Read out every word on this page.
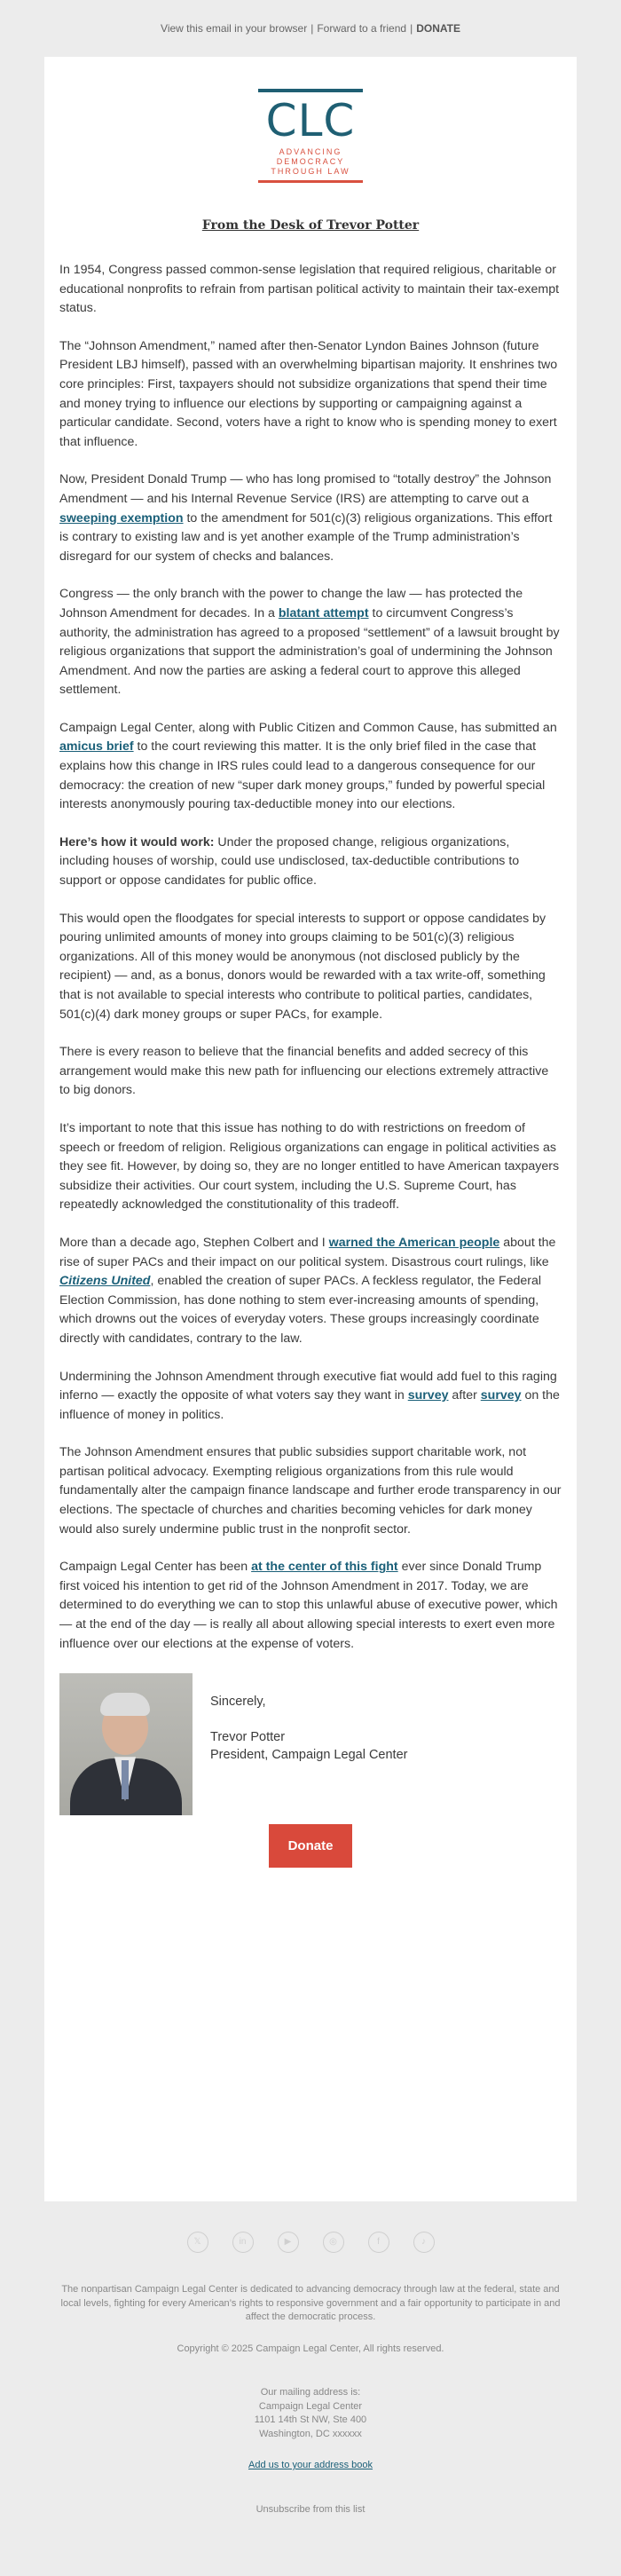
View this email in your browser | Forward to a friend | DONATE
CLC
ADVANCING
DEMOCRACY
THROUGH LAW
From the Desk of Trevor Potter

In 1954, Congress passed common-sense legislation that required religious, charitable or educational nonprofits to refrain from partisan political activity to maintain their tax-exempt status.

The “Johnson Amendment,” named after then-Senator Lyndon Baines Johnson (future President LBJ himself), passed with an overwhelming bipartisan majority. It enshrines two core principles: First, taxpayers should not subsidize organizations that spend their time and money trying to influence our elections by supporting or campaigning against a particular candidate. Second, voters have a right to know who is spending money to exert that influence.

Now, President Donald Trump — who has long promised to “totally destroy” the Johnson Amendment — and his Internal Revenue Service (IRS) are attempting to carve out a sweeping exemption to the amendment for 501(c)(3) religious organizations. This effort is contrary to existing law and is yet another example of the Trump administration’s disregard for our system of checks and balances.

Congress — the only branch with the power to change the law — has protected the Johnson Amendment for decades. In a blatant attempt to circumvent Congress’s authority, the administration has agreed to a proposed “settlement” of a lawsuit brought by religious organizations that support the administration’s goal of undermining the Johnson Amendment. And now the parties are asking a federal court to approve this alleged settlement.

Campaign Legal Center, along with Public Citizen and Common Cause, has submitted an amicus brief to the court reviewing this matter. It is the only brief filed in the case that explains how this change in IRS rules could lead to a dangerous consequence for our democracy: the creation of new “super dark money groups,” funded by powerful special interests anonymously pouring tax-deductible money into our elections.

Here’s how it would work: Under the proposed change, religious organizations, including houses of worship, could use undisclosed, tax-deductible contributions to support or oppose candidates for public office.

This would open the floodgates for special interests to support or oppose candidates by pouring unlimited amounts of money into groups claiming to be 501(c)(3) religious organizations. All of this money would be anonymous (not disclosed publicly by the recipient) — and, as a bonus, donors would be rewarded with a tax write-off, something that is not available to special interests who contribute to political parties, candidates, 501(c)(4) dark money groups or super PACs, for example.

There is every reason to believe that the financial benefits and added secrecy of this arrangement would make this new path for influencing our elections extremely attractive to big donors.

It’s important to note that this issue has nothing to do with restrictions on freedom of speech or freedom of religion. Religious organizations can engage in political activities as they see fit. However, by doing so, they are no longer entitled to have American taxpayers subsidize their activities. Our court system, including the U.S. Supreme Court, has repeatedly acknowledged the constitutionality of this tradeoff.

More than a decade ago, Stephen Colbert and I warned the American people about the rise of super PACs and their impact on our political system. Disastrous court rulings, like Citizens United, enabled the creation of super PACs. A feckless regulator, the Federal Election Commission, has done nothing to stem ever-increasing amounts of spending, which drowns out the voices of everyday voters. These groups increasingly coordinate directly with candidates, contrary to the law.

Undermining the Johnson Amendment through executive fiat would add fuel to this raging inferno — exactly the opposite of what voters say they want in survey after survey on the influence of money in politics.

The Johnson Amendment ensures that public subsidies support charitable work, not partisan political advocacy. Exempting religious organizations from this rule would fundamentally alter the campaign finance landscape and further erode transparency in our elections. The spectacle of churches and charities becoming vehicles for dark money would also surely undermine public trust in the nonprofit sector.

Campaign Legal Center has been at the center of this fight ever since Donald Trump first voiced his intention to get rid of the Johnson Amendment in 2017. Today, we are determined to do everything we can to stop this unlawful abuse of executive power, which — at the end of the day — is really all about allowing special interests to exert even more influence over our elections at the expense of voters.

Sincerely,
Trevor Potter
President, Campaign Legal Center
Donate
𝕏	in	▶	◎	f	♪
The nonpartisan Campaign Legal Center is dedicated to advancing democracy through law at the federal, state and local levels, fighting for every American’s rights to responsive government and a fair opportunity to participate in and affect the democratic process.
Copyright © 2025 Campaign Legal Center, All rights reserved.
Our mailing address is:
Campaign Legal Center
1101 14th St NW, Ste 400
Washington, DC xxxxxx
Add us to your address book
Unsubscribe from this list
